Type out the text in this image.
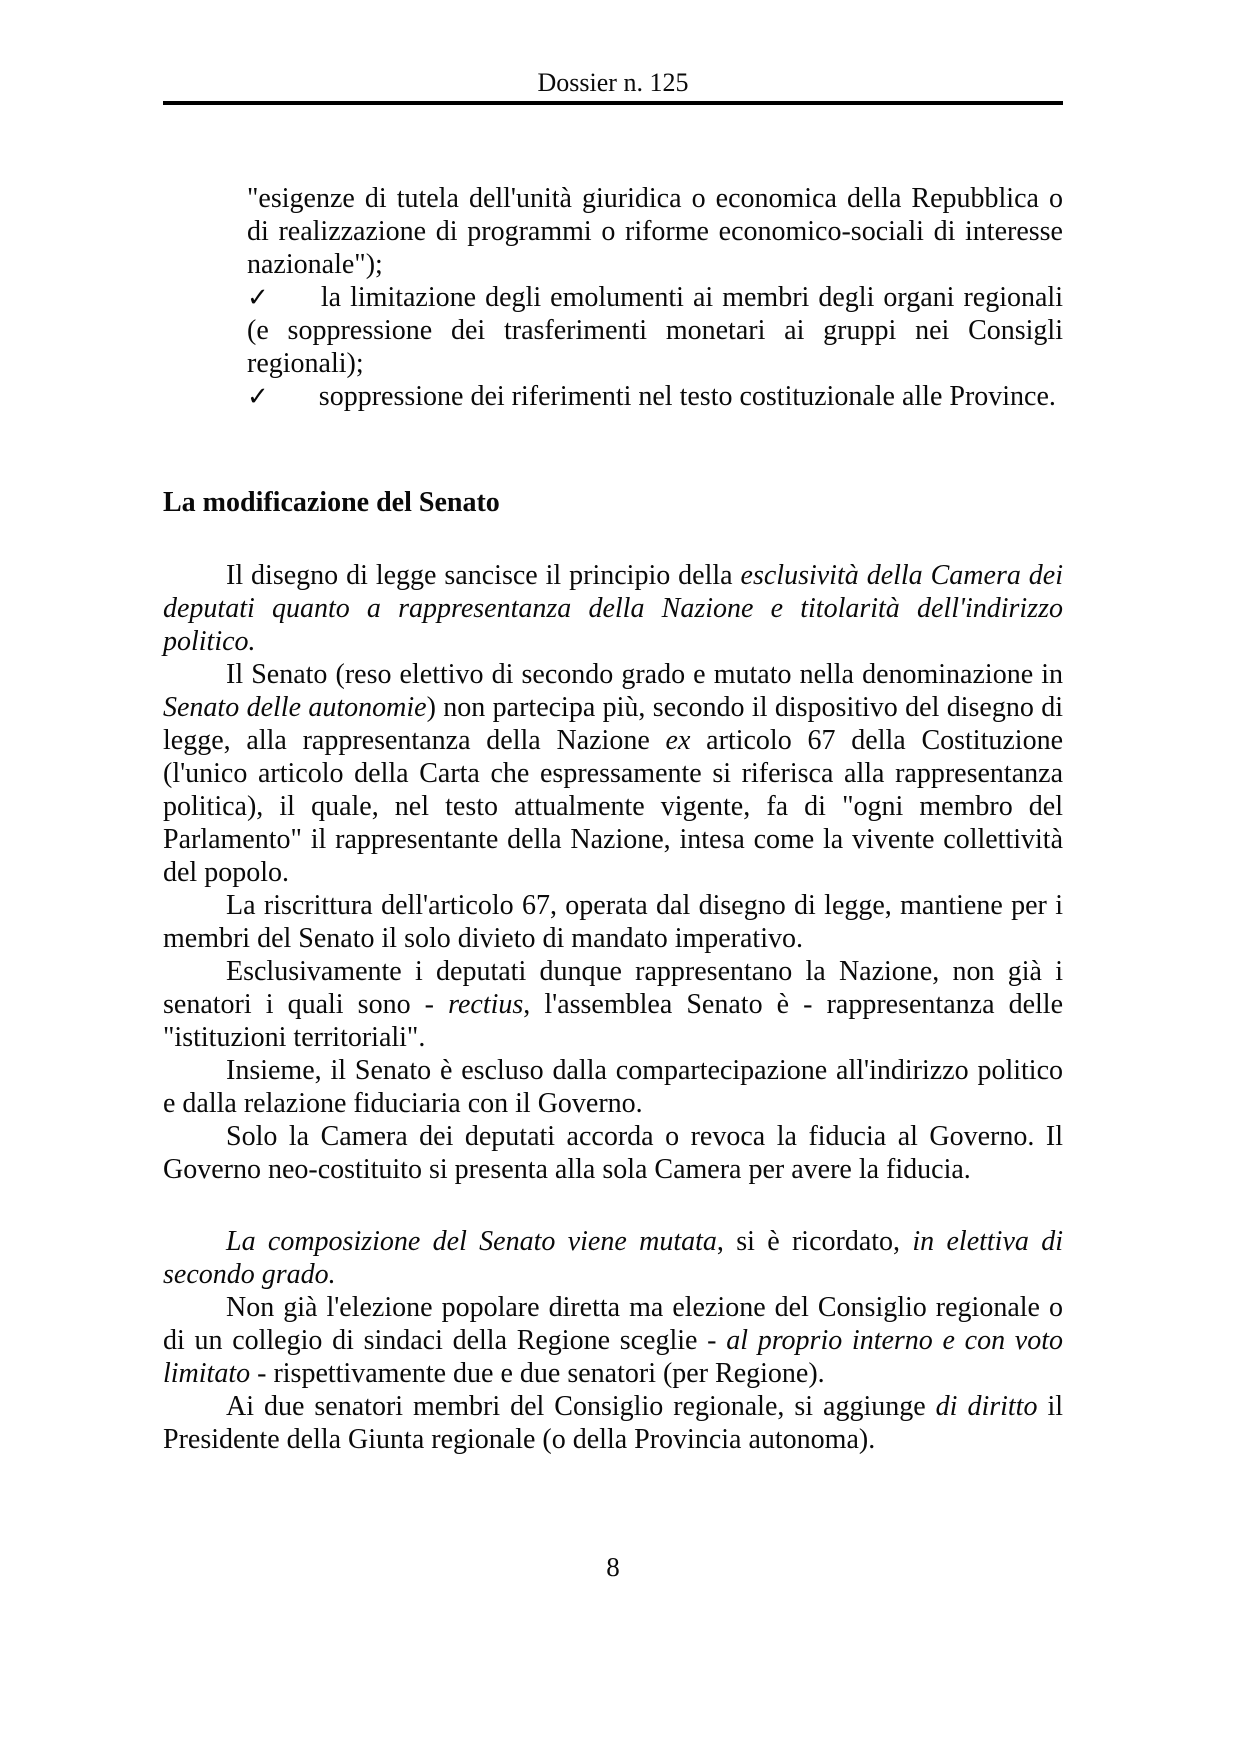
Dossier n. 125

"esigenze di tutela dell'unità giuridica o economica della Repubblica o di realizzazione di programmi o riforme economico-sociali di interesse nazionale");

✓ la limitazione degli emolumenti ai membri degli organi regionali (e soppressione dei trasferimenti monetari ai gruppi nei Consigli regionali);

✓ soppressione dei riferimenti nel testo costituzionale alle Province.

La modificazione del Senato

Il disegno di legge sancisce il principio della esclusività della Camera dei deputati quanto a rappresentanza della Nazione e titolarità dell'indirizzo politico.

Il Senato (reso elettivo di secondo grado e mutato nella denominazione in Senato delle autonomie) non partecipa più, secondo il dispositivo del disegno di legge, alla rappresentanza della Nazione ex articolo 67 della Costituzione (l'unico articolo della Carta che espressamente si riferisca alla rappresentanza politica), il quale, nel testo attualmente vigente, fa di "ogni membro del Parlamento" il rappresentante della Nazione, intesa come la vivente collettività del popolo.

La riscrittura dell'articolo 67, operata dal disegno di legge, mantiene per i membri del Senato il solo divieto di mandato imperativo.

Esclusivamente i deputati dunque rappresentano la Nazione, non già i senatori i quali sono - rectius, l'assemblea Senato è - rappresentanza delle "istituzioni territoriali".

Insieme, il Senato è escluso dalla compartecipazione all'indirizzo politico e dalla relazione fiduciaria con il Governo.

Solo la Camera dei deputati accorda o revoca la fiducia al Governo. Il Governo neo-costituito si presenta alla sola Camera per avere la fiducia.

La composizione del Senato viene mutata, si è ricordato, in elettiva di secondo grado.

Non già l'elezione popolare diretta ma elezione del Consiglio regionale o di un collegio di sindaci della Regione sceglie - al proprio interno e con voto limitato - rispettivamente due e due senatori (per Regione).

Ai due senatori membri del Consiglio regionale, si aggiunge di diritto il Presidente della Giunta regionale (o della Provincia autonoma).

8
